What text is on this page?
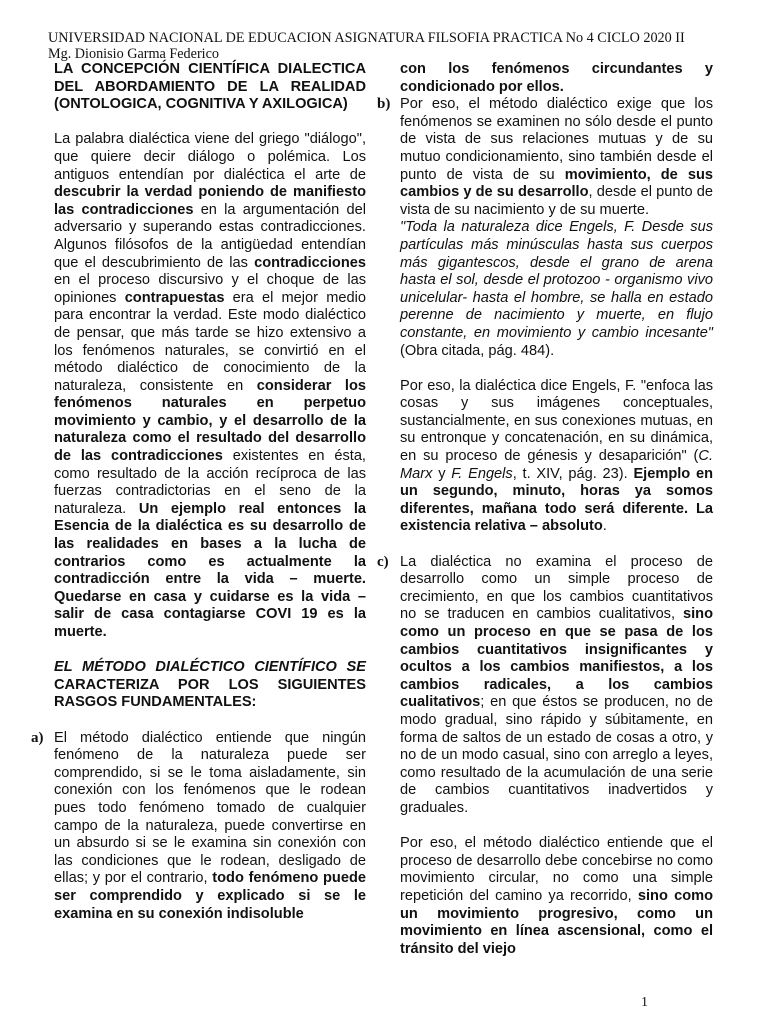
UNIVERSIDAD NACIONAL DE EDUCACION ASIGNATURA FILSOFIA PRACTICA No 4 CICLO 2020 II
Mg. Dionisio Garma Federico

LA CONCEPCIÓN CIENTÍFICA DIALECTICA DEL ABORDAMIENTO DE LA REALIDAD (ONTOLOGICA, COGNITIVA Y AXILOGICA)

La palabra dialéctica viene del griego "diálogo", que quiere decir diálogo o polémica. Los antiguos entendían por dialéctica el arte de descubrir la verdad poniendo de manifiesto las contradicciones en la argumentación del adversario y superando estas contradicciones. Algunos filósofos de la antigüedad entendían que el descubrimiento de las contradicciones en el proceso discursivo y el choque de las opiniones contrapuestas era el mejor medio para encontrar la verdad. Este modo dialéctico de pensar, que más tarde se hizo extensivo a los fenómenos naturales, se convirtió en el método dialéctico de conocimiento de la naturaleza, consistente en considerar los fenómenos naturales en perpetuo movimiento y cambio, y el desarrollo de la naturaleza como el resultado del desarrollo de las contradicciones existentes en ésta, como resultado de la acción recíproca de las fuerzas contradictorias en el seno de la naturaleza. Un ejemplo real entonces la Esencia de la dialéctica es su desarrollo de las realidades en bases a la lucha de contrarios como es actualmente la contradicción entre la vida – muerte. Quedarse en casa y cuidarse es la vida – salir de casa contagiarse COVI 19 es la muerte.

EL MÉTODO DIALÉCTICO CIENTÍFICO SE CARACTERIZA POR LOS SIGUIENTES RASGOS FUNDAMENTALES:

a) El método dialéctico entiende que ningún fenómeno de la naturaleza puede ser comprendido, si se le toma aisladamente, sin conexión con los fenómenos que le rodean pues todo fenómeno tomado de cualquier campo de la naturaleza, puede convertirse en un absurdo si se le examina sin conexión con las condiciones que le rodean, desligado de ellas; y por el contrario, todo fenómeno puede ser comprendido y explicado si se le examina en su conexión indisoluble

con los fenómenos circundantes y condicionado por ellos.

b) Por eso, el método dialéctico exige que los fenómenos se examinen no sólo desde el punto de vista de sus relaciones mutuas y de su mutuo condicionamiento, sino también desde el punto de vista de su movimiento, de sus cambios y de su desarrollo, desde el punto de vista de su nacimiento y de su muerte.

"Toda la naturaleza dice Engels, F. Desde sus partículas más minúsculas hasta sus cuerpos más gigantescos, desde el grano de arena hasta el sol, desde el protozoo - organismo vivo unicelular- hasta el hombre, se halla en estado perenne de nacimiento y muerte, en flujo constante, en movimiento y cambio incesante" (Obra citada, pág. 484).

Por eso, la dialéctica dice Engels, F. "enfoca las cosas y sus imágenes conceptuales, sustancialmente, en sus conexiones mutuas, en su entronque y concatenación, en su dinámica, en su proceso de génesis y desaparición" (C. Marx y F. Engels, t. XIV, pág. 23). Ejemplo en un segundo, minuto, horas ya somos diferentes, mañana todo será diferente. La existencia relativa – absoluto.

c) La dialéctica no examina el proceso de desarrollo como un simple proceso de crecimiento, en que los cambios cuantitativos no se traducen en cambios cualitativos, sino como un proceso en que se pasa de los cambios cuantitativos insignificantes y ocultos a los cambios manifiestos, a los cambios radicales, a los cambios cualitativos; en que éstos se producen, no de modo gradual, sino rápido y súbitamente, en forma de saltos de un estado de cosas a otro, y no de un modo casual, sino con arreglo a leyes, como resultado de la acumulación de una serie de cambios cuantitativos inadvertidos y graduales.

Por eso, el método dialéctico entiende que el proceso de desarrollo debe concebirse no como movimiento circular, no como una simple repetición del camino ya recorrido, sino como un movimiento progresivo, como un movimiento en línea ascensional, como el tránsito del viejo

1
